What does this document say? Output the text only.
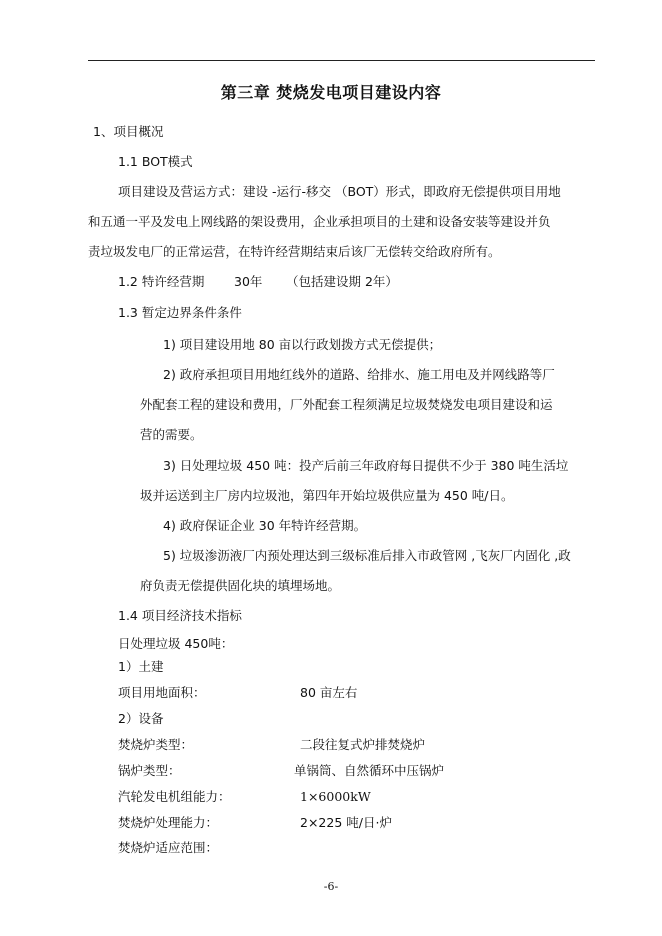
第三章 焚烧发电项目建设内容
1、项目概况
1.1 BOT模式
项目建设及营运方式：建设 -运行-移交 （BOT）形式，即政府无偿提供项目用地
和五通一平及发电上网线路的架设费用，企业承担项目的土建和设备安装等建设并负
责垃圾发电厂的正常运营，在特许经营期结束后该厂无偿转交给政府所有。
1.2 特许经营期 30年 （包括建设期 2年）
1.3 暂定边界条件条件
1) 项目建设用地 80 亩以行政划拨方式无偿提供；
2) 政府承担项目用地红线外的道路、给排水、施工用电及并网线路等厂
外配套工程的建设和费用，厂外配套工程须满足垃圾焚烧发电项目建设和运
营的需要。
3) 日处理垃圾 450 吨：投产后前三年政府每日提供不少于 380 吨生活垃
圾并运送到主厂房内垃圾池，第四年开始垃圾供应量为 450 吨/日。
4) 政府保证企业 30 年特许经营期。
5) 垃圾渗沥液厂内预处理达到三级标准后排入市政管网 ,飞灰厂内固化 ,政
府负责无偿提供固化块的填埋场地。
1.4 项目经济技术指标
日处理垃圾 450吨：
1）土建
项目用地面积：	80 亩左右
2）设备
焚烧炉类型：	二段往复式炉排焚烧炉
锅炉类型：	单锅筒、自然循环中压锅炉
汽轮发电机组能力：	1×6000kW
焚烧炉处理能力：	2×225 吨/日·炉
焚烧炉适应范围：
-6-
